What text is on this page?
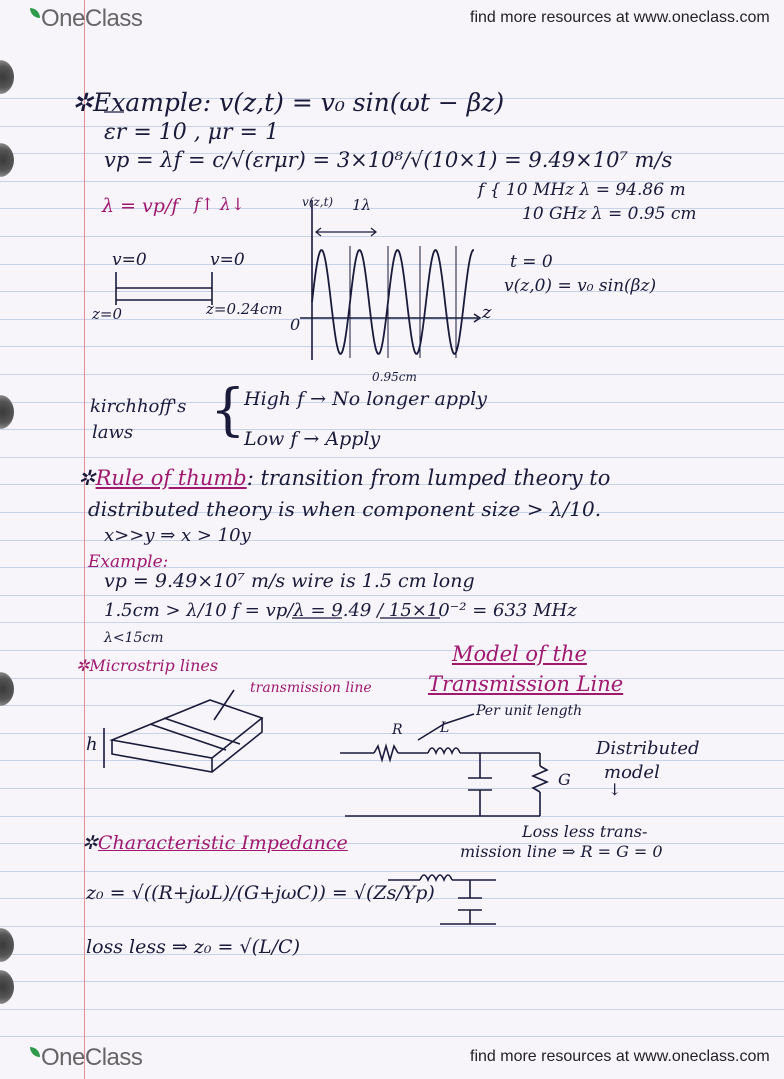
OneClass	find more resources at www.oneclass.com
OneClass	find more resources at www.oneclass.com
✲Example: v(z,t) = v₀ sin(ωt − βz)
εr = 10 , μr = 1
vp = λf = c/√(εrμr) = 3×10⁸/√(10×1) = 9.49×10⁷ m/s
λ = vp/f f↑ λ↓
f { 10 MHz λ = 94.86 m
10 GHz λ = 0.95 cm
v=0	v=0
z=0	z=0.24cm
v(z,t) 1λ
0
z
0.95cm
t = 0
v(z,0) = v₀ sin(βz)
kirchhoff's
laws {
High f → No longer apply
Low f → Apply
✲Rule of thumb: transition from lumped theory to
distributed theory is when component size > λ/10.
x>>y ⇒ x > 10y
Example:
vp = 9.49×10⁷ m/s wire is 1.5 cm long
1.5cm > λ/10 f = vp/λ = 9.49 / 15×10⁻² = 633 MHz
λ<15cm
✲Microstrip lines
transmission line
h
Model of the
Transmission Line
Per unit length
R	L
G
Distributed
model
↓
✲Characteristic Impedance
Loss less trans-
mission line ⇒ R = G = 0
z₀ = √((R+jωL)/(G+jωC)) = √(Zs/Yp)
loss less ⇒ z₀ = √(L/C)
